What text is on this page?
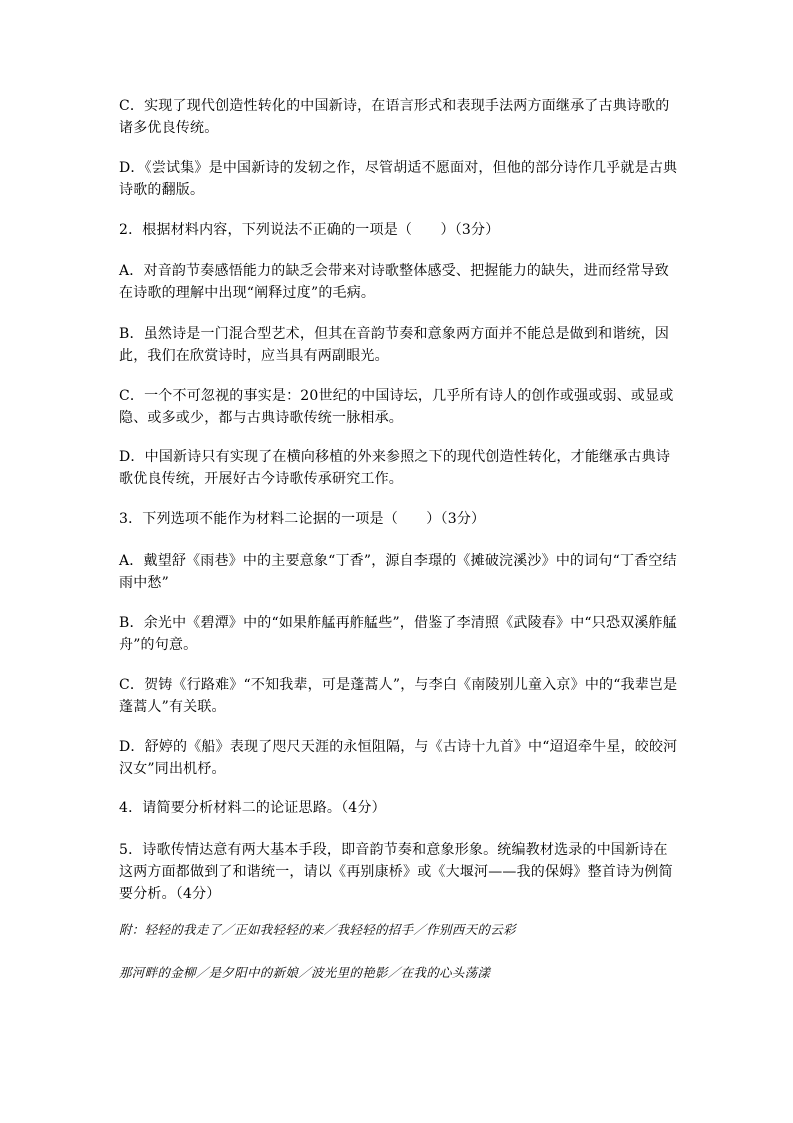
C．实现了现代创造性转化的中国新诗，在语言形式和表现手法两方面继承了古典诗歌的诸多优良传统。
D．《尝试集》是中国新诗的发轫之作，尽管胡适不愿面对，但他的部分诗作几乎就是古典诗歌的翻版。
2．根据材料内容，下列说法不正确的一项是（　　）（3分）
A．对音韵节奏感悟能力的缺乏会带来对诗歌整体感受、把握能力的缺失，进而经常导致在诗歌的理解中出现“阐释过度”的毛病。
B．虽然诗是一门混合型艺术，但其在音韵节奏和意象两方面并不能总是做到和谐统，因此，我们在欣赏诗时，应当具有两副眼光。
C．一个不可忽视的事实是：20世纪的中国诗坛，几乎所有诗人的创作或强或弱、或显或隐、或多或少，都与古典诗歌传统一脉相承。
D．中国新诗只有实现了在横向移植的外来参照之下的现代创造性转化，才能继承古典诗歌优良传统，开展好古今诗歌传承研究工作。
3．下列选项不能作为材料二论据的一项是（　　）（3分）
A．戴望舒《雨巷》中的主要意象“丁香”，源自李璟的《摊破浣溪沙》中的词句“丁香空结雨中愁”
B．余光中《碧潭》中的“如果舴艋再舴艋些”，借鉴了李清照《武陵春》中“只恐双溪舴艋舟”的句意。
C．贺铸《行路难》“不知我辈，可是蓬蒿人”，与李白《南陵别儿童入京》中的“我辈岂是蓬蒿人”有关联。
D．舒婷的《船》表现了咫尺天涯的永恒阻隔，与《古诗十九首》中“迢迢牵牛星，皎皎河汉女”同出机杼。
4．请简要分析材料二的论证思路。（4分）
5．诗歌传情达意有两大基本手段，即音韵节奏和意象形象。统编教材选录的中国新诗在这两方面都做到了和谐统一，请以《再别康桥》或《大堰河——我的保姆》整首诗为例简要分析。（4分）
附：轻轻的我走了／正如我轻轻的来／我轻轻的招手／作别西天的云彩
那河畔的金柳／是夕阳中的新娘／波光里的艳影／在我的心头荡漾
